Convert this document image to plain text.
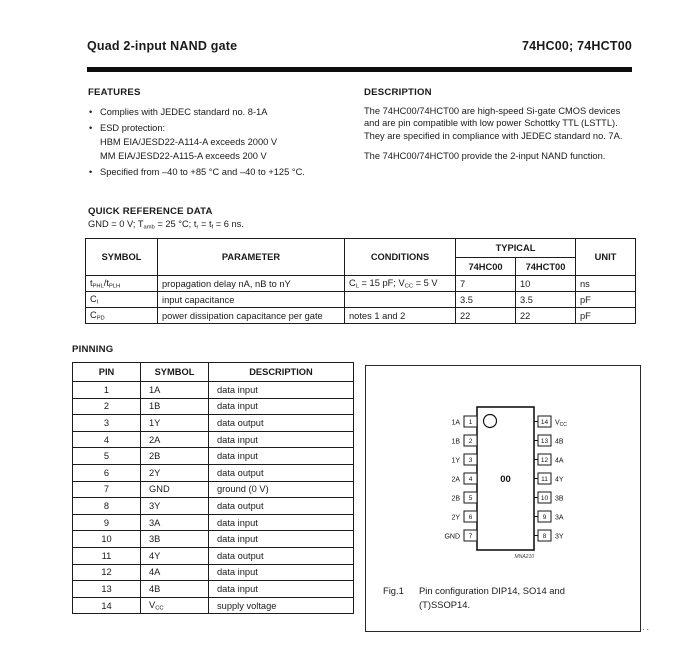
Quad 2-input NAND gate	74HC00; 74HCT00
FEATURES
• Complies with JEDEC standard no. 8-1A
• ESD protection:
HBM EIA/JESD22-A114-A exceeds 2000 V
MM EIA/JESD22-A115-A exceeds 200 V
• Specified from –40 to +85 °C and –40 to +125 °C.
DESCRIPTION

The 74HC00/74HCT00 are high-speed Si-gate CMOS devices and are pin compatible with low power Schottky TTL (LSTTL). They are specified in compliance with JEDEC standard no. 7A.

The 74HC00/74HCT00 provide the 2-input NAND function.

QUICK REFERENCE DATA
GND = 0 V; $T_{amb} = 25$ °C; $t_r = t_f = 6$ ns.
SYMBOL	PARAMETER	CONDITIONS	TYPICAL		UNIT
			74HC00	74HCT00	
$t_{PHL}/t_{PLH}$	propagation delay nA, nB to nY	$C_L = 15$ pF; $V_{CC} = 5$ V	7	10	ns
$C_I$	input capacitance		3.5	3.5	pF
$C_{PD}$	power dissipation capacitance per gate	notes 1 and 2	22	22	pF
PINNING
PIN	SYMBOL	DESCRIPTION
1	1A	data input
2	1B	data input
3	1Y	data output
4	2A	data input
5	2B	data input
6	2Y	data output
7	GND	ground (0 V)
8	3Y	data output
9	3A	data input
10	3B	data input
11	4Y	data output
12	4A	data input
13	4B	data input
14	$V_{CC}$	supply voltage
00
MNA210
1
1A
2
1B
3
1Y
4
2A
5
2B
6
2Y
7
GND
14 $V_{CC}$
13 4B
12 4A
11 4Y
10 3B
9 3A
8 3Y
Fig.1	Pin configuration DIP14, SO14 and (T)SSOP14.
..
